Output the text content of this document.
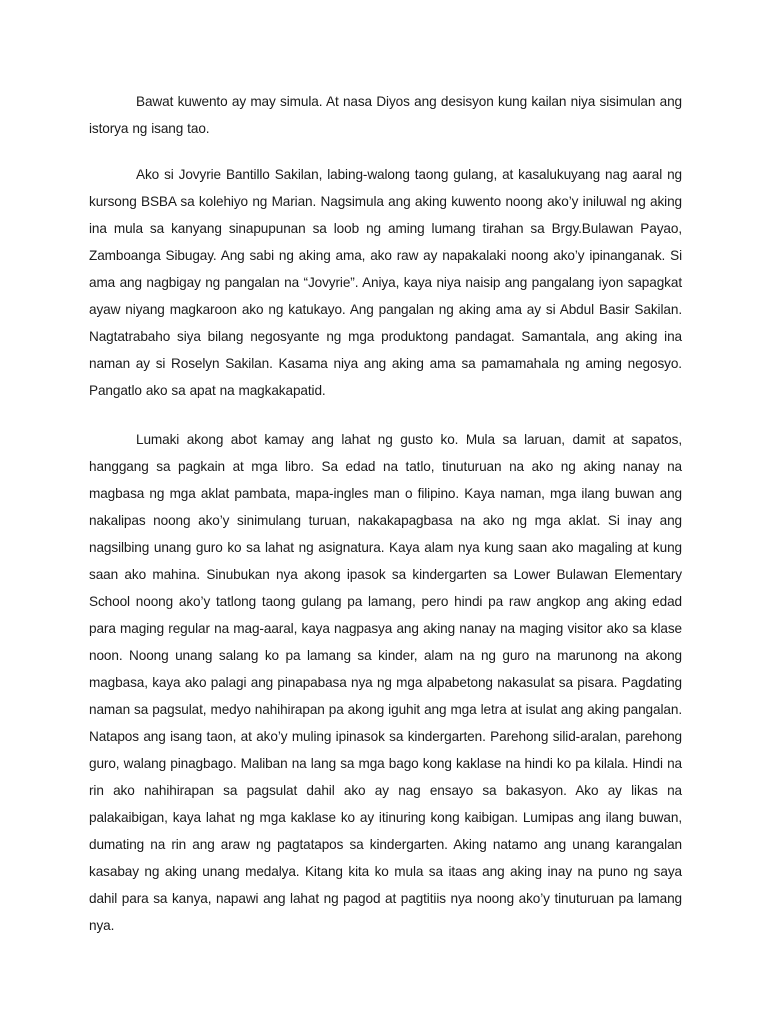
Bawat kuwento ay may simula. At nasa Diyos ang desisyon kung kailan niya sisimulan ang istorya ng isang tao.

Ako si Jovyrie Bantillo Sakilan, labing-walong taong gulang, at kasalukuyang nag aaral ng kursong BSBA sa kolehiyo ng Marian. Nagsimula ang aking kuwento noong ako’y iniluwal ng aking ina mula sa kanyang sinapupunan sa loob ng aming lumang tirahan sa Brgy.Bulawan Payao, Zamboanga Sibugay. Ang sabi ng aking ama, ako raw ay napakalaki noong ako’y ipinanganak. Si ama ang nagbigay ng pangalan na “Jovyrie”. Aniya, kaya niya naisip ang pangalang iyon sapagkat ayaw niyang magkaroon ako ng katukayo. Ang pangalan ng aking ama ay si Abdul Basir Sakilan. Nagtatrabaho siya bilang negosyante ng mga produktong pandagat. Samantala, ang aking ina naman ay si Roselyn Sakilan. Kasama niya ang aking ama sa pamamahala ng aming negosyo. Pangatlo ako sa apat na magkakapatid.

Lumaki akong abot kamay ang lahat ng gusto ko. Mula sa laruan, damit at sapatos, hanggang sa pagkain at mga libro. Sa edad na tatlo, tinuturuan na ako ng aking nanay na magbasa ng mga aklat pambata, mapa-ingles man o filipino. Kaya naman, mga ilang buwan ang nakalipas noong ako’y sinimulang turuan, nakakapagbasa na ako ng mga aklat. Si inay ang nagsilbing unang guro ko sa lahat ng asignatura. Kaya alam nya kung saan ako magaling at kung saan ako mahina. Sinubukan nya akong ipasok sa kindergarten sa Lower Bulawan Elementary School noong ako’y tatlong taong gulang pa lamang, pero hindi pa raw angkop ang aking edad para maging regular na mag-aaral, kaya nagpasya ang aking nanay na maging visitor ako sa klase noon. Noong unang salang ko pa lamang sa kinder, alam na ng guro na marunong na akong magbasa, kaya ako palagi ang pinapabasa nya ng mga alpabetong nakasulat sa pisara. Pagdating naman sa pagsulat, medyo nahihirapan pa akong iguhit ang mga letra at isulat ang aking pangalan. Natapos ang isang taon, at ako’y muling ipinasok sa kindergarten. Parehong silid-aralan, parehong guro, walang pinagbago. Maliban na lang sa mga bago kong kaklase na hindi ko pa kilala. Hindi na rin ako nahihirapan sa pagsulat dahil ako ay nag ensayo sa bakasyon. Ako ay likas na palakaibigan, kaya lahat ng mga kaklase ko ay itinuring kong kaibigan. Lumipas ang ilang buwan, dumating na rin ang araw ng pagtatapos sa kindergarten. Aking natamo ang unang karangalan kasabay ng aking unang medalya. Kitang kita ko mula sa itaas ang aking inay na puno ng saya dahil para sa kanya, napawi ang lahat ng pagod at pagtitiis nya noong ako’y tinuturuan pa lamang nya.
